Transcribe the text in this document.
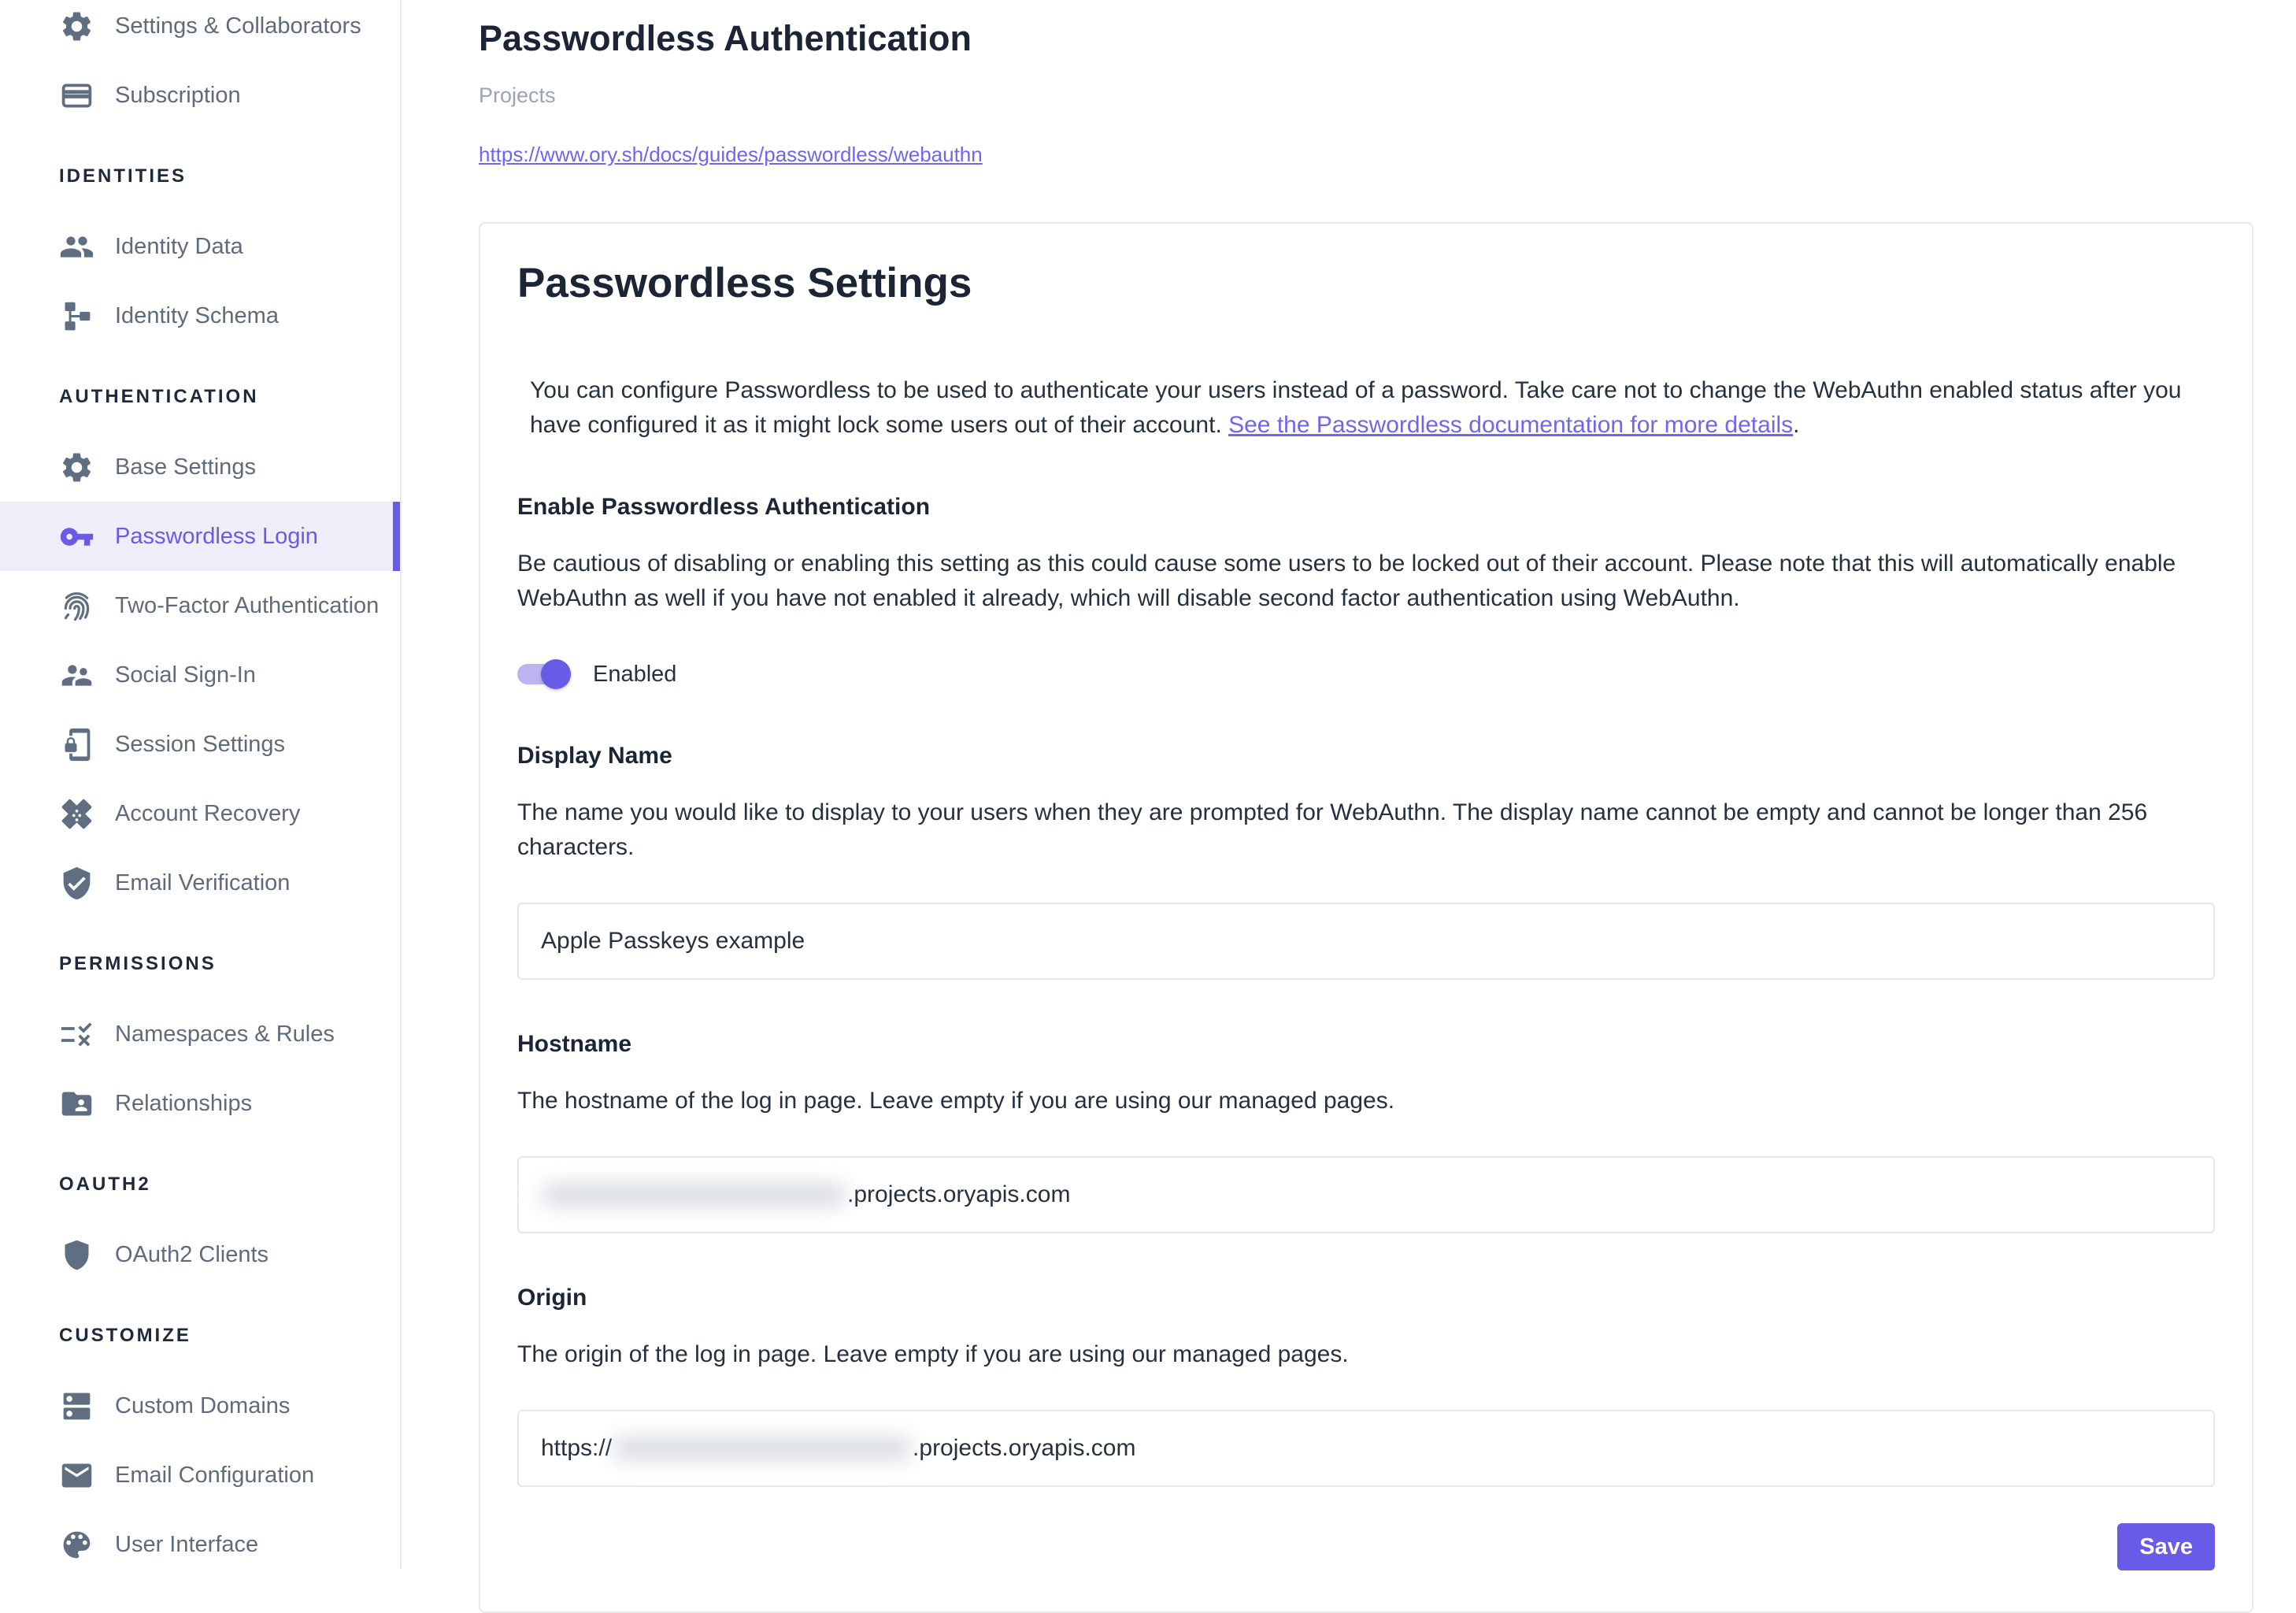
Settings & Collaborators
Subscription
IDENTITIES
Identity Data
Identity Schema
AUTHENTICATION
Base Settings
Passwordless Login
Two-Factor Authentication
Social Sign-In
Session Settings
Account Recovery
Email Verification
PERMISSIONS
Namespaces & Rules
Relationships
OAUTH2
OAuth2 Clients
CUSTOMIZE
Custom Domains
Email Configuration
User Interface
Passwordless Authentication
Projects
https://www.ory.sh/docs/guides/passwordless/webauthn
Passwordless Settings

You can configure Passwordless to be used to authenticate your users instead of a password. Take care not to change the WebAuthn enabled status after you have configured it as it might lock some users out of their account. See the Passwordless documentation for more details.

Enable Passwordless Authentication

Be cautious of disabling or enabling this setting as this could cause some users to be locked out of their account. Please note that this will automatically enable WebAuthn as well if you have not enabled it already, which will disable second factor authentication using WebAuthn.

Enabled
Display Name

The name you would like to display to your users when they are prompted for WebAuthn. The display name cannot be empty and cannot be longer than 256 characters.

Apple Passkeys example
Hostname

The hostname of the log in page. Leave empty if you are using our managed pages.

.projects.oryapis.com
Origin

The origin of the log in page. Leave empty if you are using our managed pages.

https://	.projects.oryapis.com
Save
